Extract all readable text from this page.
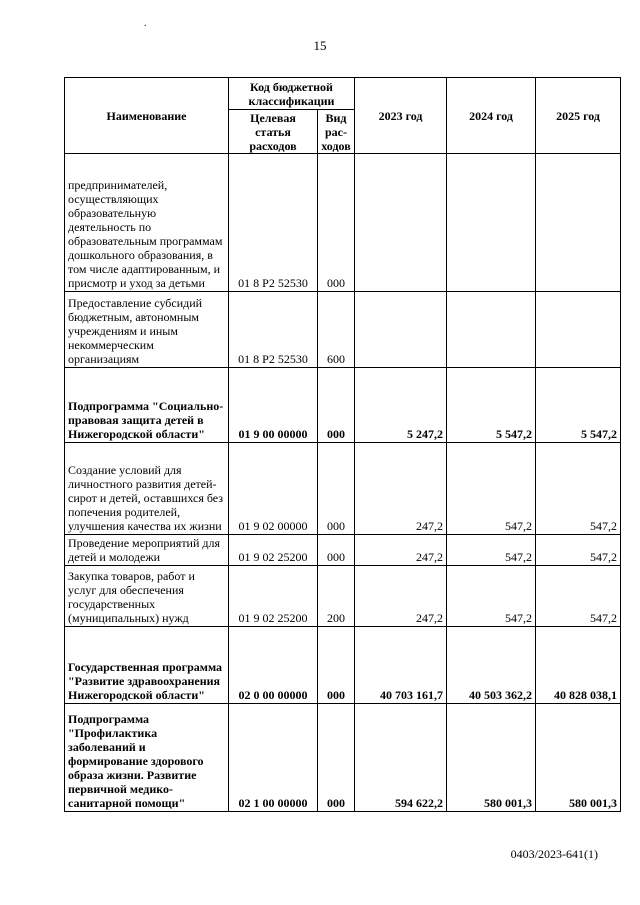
.
15
Наименование	Код бюджетной классификации		2023 год	2024 год	2025 год
	Целевая статья расходов	Вид рас-ходов			
предпринимателей, осуществляющих образовательную деятельность по образовательным программам дошкольного образования, в том числе адаптированным, и присмотр и уход за детьми	01 8 P2 52530	000			
Предоставление субсидий бюджетным, автономным учреждениям и иным некоммерческим организациям	01 8 P2 52530	600			
Подпрограмма "Социально-правовая защита детей в Нижегородской области"	01 9 00 00000	000	5 247,2	5 547,2	5 547,2
Создание условий для личностного развития детей-сирот и детей, оставшихся без попечения родителей, улучшения качества их жизни	01 9 02 00000	000	247,2	547,2	547,2
Проведение мероприятий для детей и молодежи	01 9 02 25200	000	247,2	547,2	547,2
Закупка товаров, работ и услуг для обеспечения государственных (муниципальных) нужд	01 9 02 25200	200	247,2	547,2	547,2
Государственная программа "Развитие здравоохранения Нижегородской области"	02 0 00 00000	000	40 703 161,7	40 503 362,2	40 828 038,1
Подпрограмма "Профилактика заболеваний и формирование здорового образа жизни. Развитие первичной медико-санитарной помощи"	02 1 00 00000	000	594 622,2	580 001,3	580 001,3
0403/2023-641(1)
